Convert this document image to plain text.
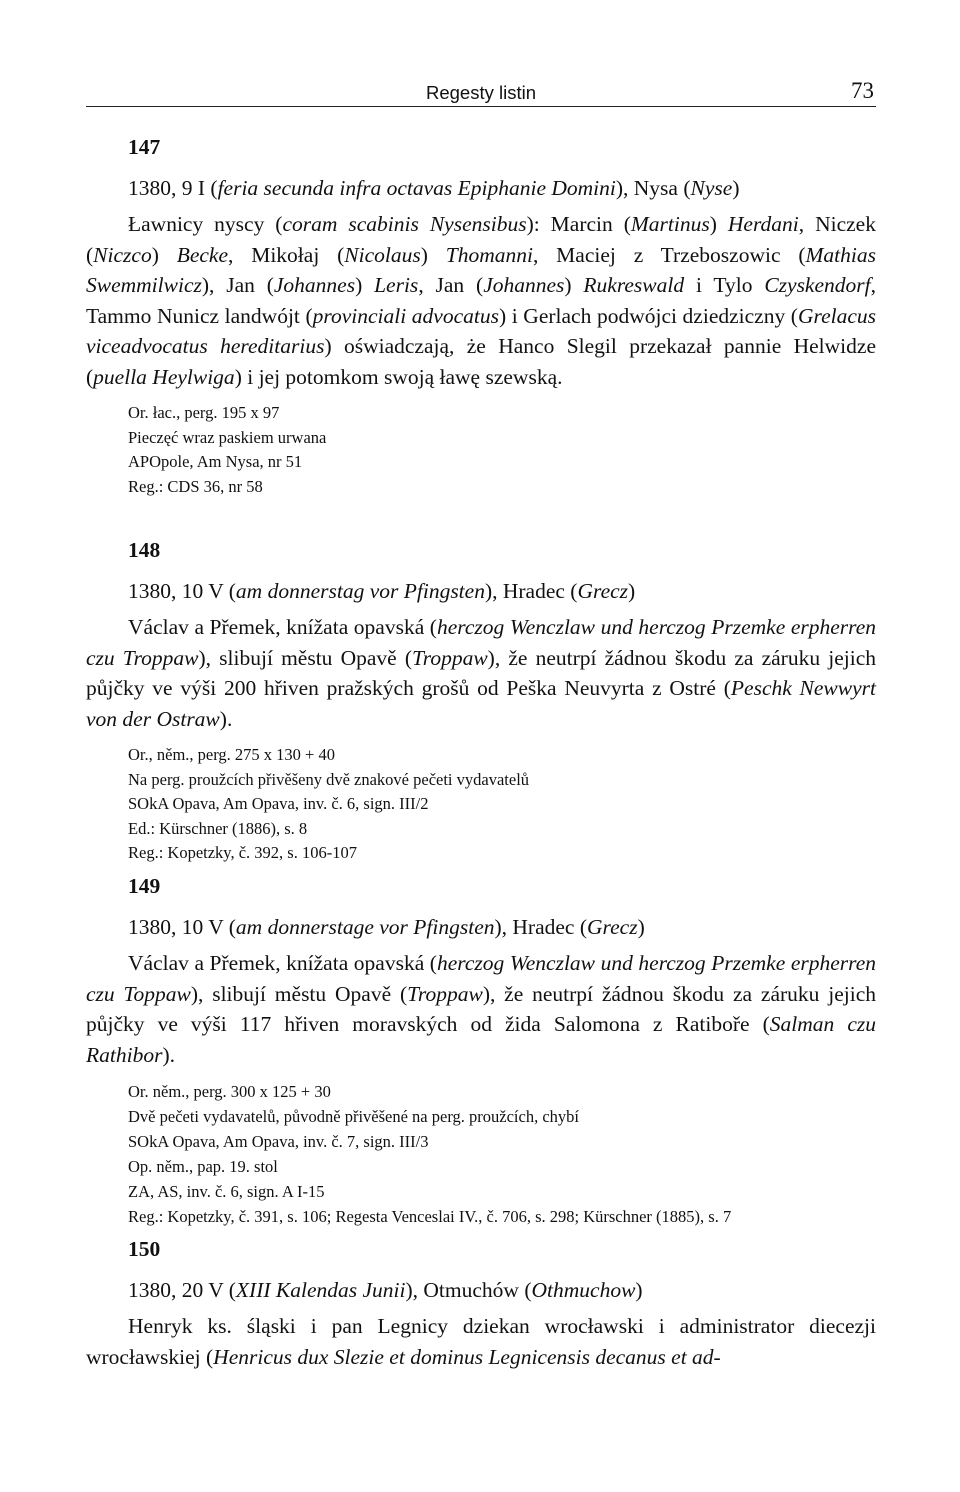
Regesty listin	73
147
1380, 9 I (feria secunda infra octavas Epiphanie Domini), Nysa (Nyse)

Ławnicy nyscy (coram scabinis Nysensibus): Marcin (Martinus) Herdani, Niczek (Niczco) Becke, Mikołaj (Nicolaus) Thomanni, Maciej z Trzeboszowic (Mathias Swemmilwicz), Jan (Johannes) Leris, Jan (Johannes) Rukreswald i Tylo Czyskendorf, Tammo Nunicz landwójt (provinciali advocatus) i Gerlach podwójci dziedziczny (Grelacus viceadvocatus hereditarius) oświadczają, że Hanco Slegil przekazał pannie Helwidze (puella Heylwiga) i jej potomkom swoją ławę szewską.

Or. łac., perg. 195 x 97
Pieczęć wraz paskiem urwana
APOpole, Am Nysa, nr 51
Reg.: CDS 36, nr 58
148
1380, 10 V (am donnerstag vor Pfingsten), Hradec (Grecz)

Václav a Přemek, knížata opavská (herczog Wenczlaw und herczog Przemke erpherren czu Troppaw), slibují městu Opavě (Troppaw), že neutrpí žádnou škodu za záruku jejich půjčky ve výši 200 hřiven pražských grošů od Peška Neuvyrta z Ostré (Peschk Newwyrt von der Ostraw).

Or., něm., perg. 275 x 130 + 40
Na perg. proužcích přivěšeny dvě znakové pečeti vydavatelů
SOkA Opava, Am Opava, inv. č. 6, sign. III/2
Ed.: Kürschner (1886), s. 8
Reg.: Kopetzky, č. 392, s. 106-107
149
1380, 10 V (am donnerstage vor Pfingsten), Hradec (Grecz)

Václav a Přemek, knížata opavská (herczog Wenczlaw und herczog Przemke erpherren czu Toppaw), slibují městu Opavě (Troppaw), že neutrpí žádnou škodu za záruku jejich půjčky ve výši 117 hřiven moravských od žida Salomona z Ratiboře (Salman czu Rathibor).

Or. něm., perg. 300 x 125 + 30
Dvě pečeti vydavatelů, původně přivěšené na perg. proužcích, chybí
SOkA Opava, Am Opava, inv. č. 7, sign. III/3
Op. něm., pap. 19. stol
ZA, AS, inv. č. 6, sign. A I-15
Reg.: Kopetzky, č. 391, s. 106; Regesta Venceslai IV., č. 706, s. 298; Kürschner (1885), s. 7
150
1380, 20 V (XIII Kalendas Junii), Otmuchów (Othmuchow)

Henryk ks. śląski i pan Legnicy dziekan wrocławski i administrator diecezji wrocławskiej (Henricus dux Slezie et dominus Legnicensis decanus et ad-
